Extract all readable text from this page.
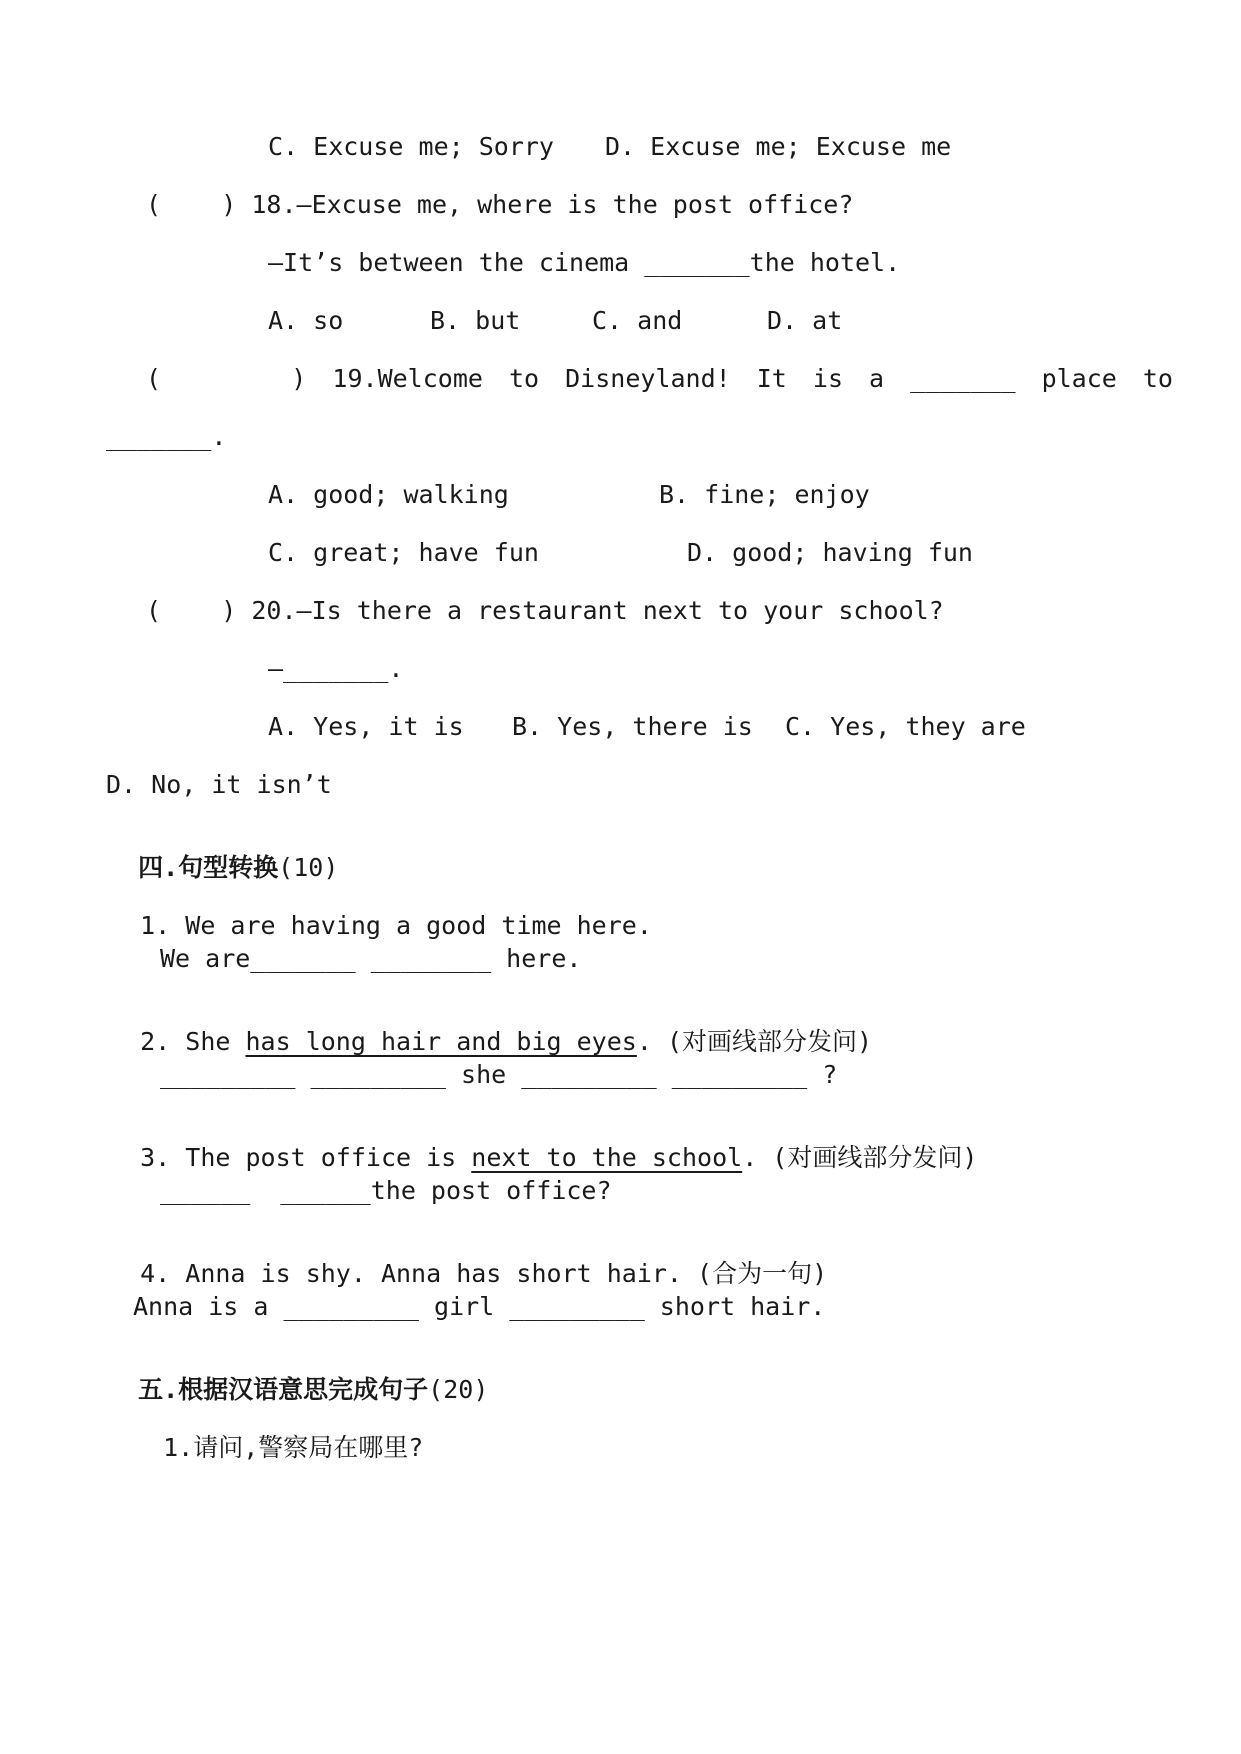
C. Excuse me; Sorry D. Excuse me; Excuse me
(    ) 18.—Excuse me, where is the post office?
—It’s between the cinema _______the hotel.
A. so	B. but	C. and	D. at
(     ) 19.Welcome to Disneyland! It is a _______ place to
_______.
A. good; walking	B. fine; enjoy
C. great; have fun	D. good; having fun
(    ) 20.—Is there a restaurant next to your school?
—_______.
A. Yes, it is B. Yes, there is C. Yes, they are
D. No, it isn’t

四.句型转换(10)

1. We are having a good time here.

We are_______ ________ here.

2. She has long hair and big eyes. (对画线部分发问)

_________ _________ she _________ _________ ?

3. The post office is next to the school. (对画线部分发问)

______  ______the post office?

4. Anna is shy. Anna has short hair. (合为一句)

Anna is a _________ girl _________ short hair.

五.根据汉语意思完成句子(20)

1.请问,警察局在哪里?
